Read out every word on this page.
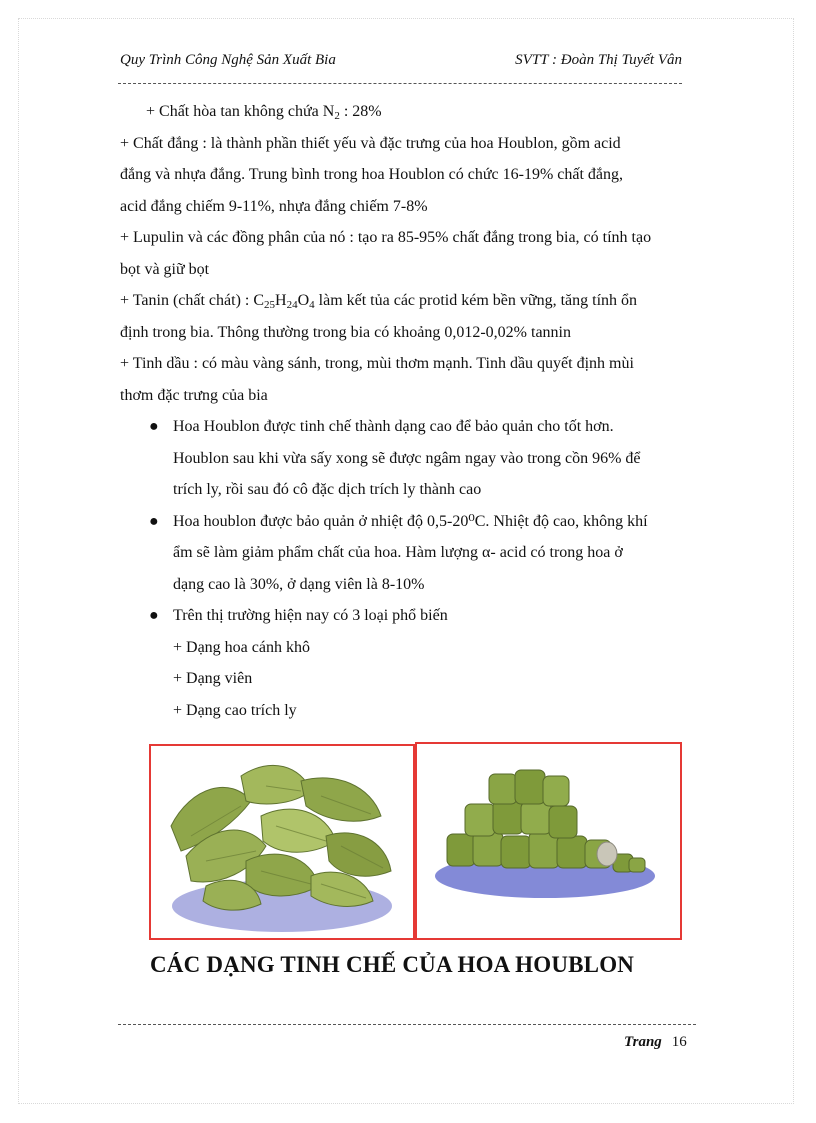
Quy Trình Công Nghệ Sản Xuất Bia	SVTT : Đoàn Thị Tuyết Vân
+ Chất hòa tan không chứa $N_2$ : 28%
+ Chất đắng : là thành phần thiết yếu và đặc trưng của hoa Houblon, gồm acid
đắng và nhựa đắng. Trung bình trong hoa Houblon có chức 16-19% chất đắng,
acid đắng chiếm 9-11%, nhựa đắng chiếm 7-8%
+ Lupulin và các đồng phân của nó : tạo ra 85-95% chất đắng trong bia, có tính tạo
bọt và giữ bọt
+ Tanin (chất chát) : $C_{25}H_{24}O_4$ làm kết tủa các protid kém bền vững, tăng tính ổn
định trong bia. Thông thường trong bia có khoảng 0,012-0,02% tannin
+ Tinh dầu : có màu vàng sánh, trong, mùi thơm mạnh. Tinh dầu quyết định mùi
thơm đặc trưng của bia
● Hoa Houblon được tinh chế thành dạng cao để bảo quản cho tốt hơn.
Houblon sau khi vừa sấy xong sẽ được ngâm ngay vào trong cồn 96% để
trích ly, rồi sau đó cô đặc dịch trích ly thành cao
● Hoa houblon được bảo quản ở nhiệt độ 0,5-20⁰C. Nhiệt độ cao, không khí
ẩm sẽ làm giảm phẩm chất của hoa. Hàm lượng α- acid có trong hoa ở
dạng cao là 30%, ở dạng viên là 8-10%
● Trên thị trường hiện nay có 3 loại phổ biến
+ Dạng hoa cánh khô
+ Dạng viên
+ Dạng cao trích ly
CÁC DẠNG TINH CHẾ CỦA HOA HOUBLON
Trang 16
